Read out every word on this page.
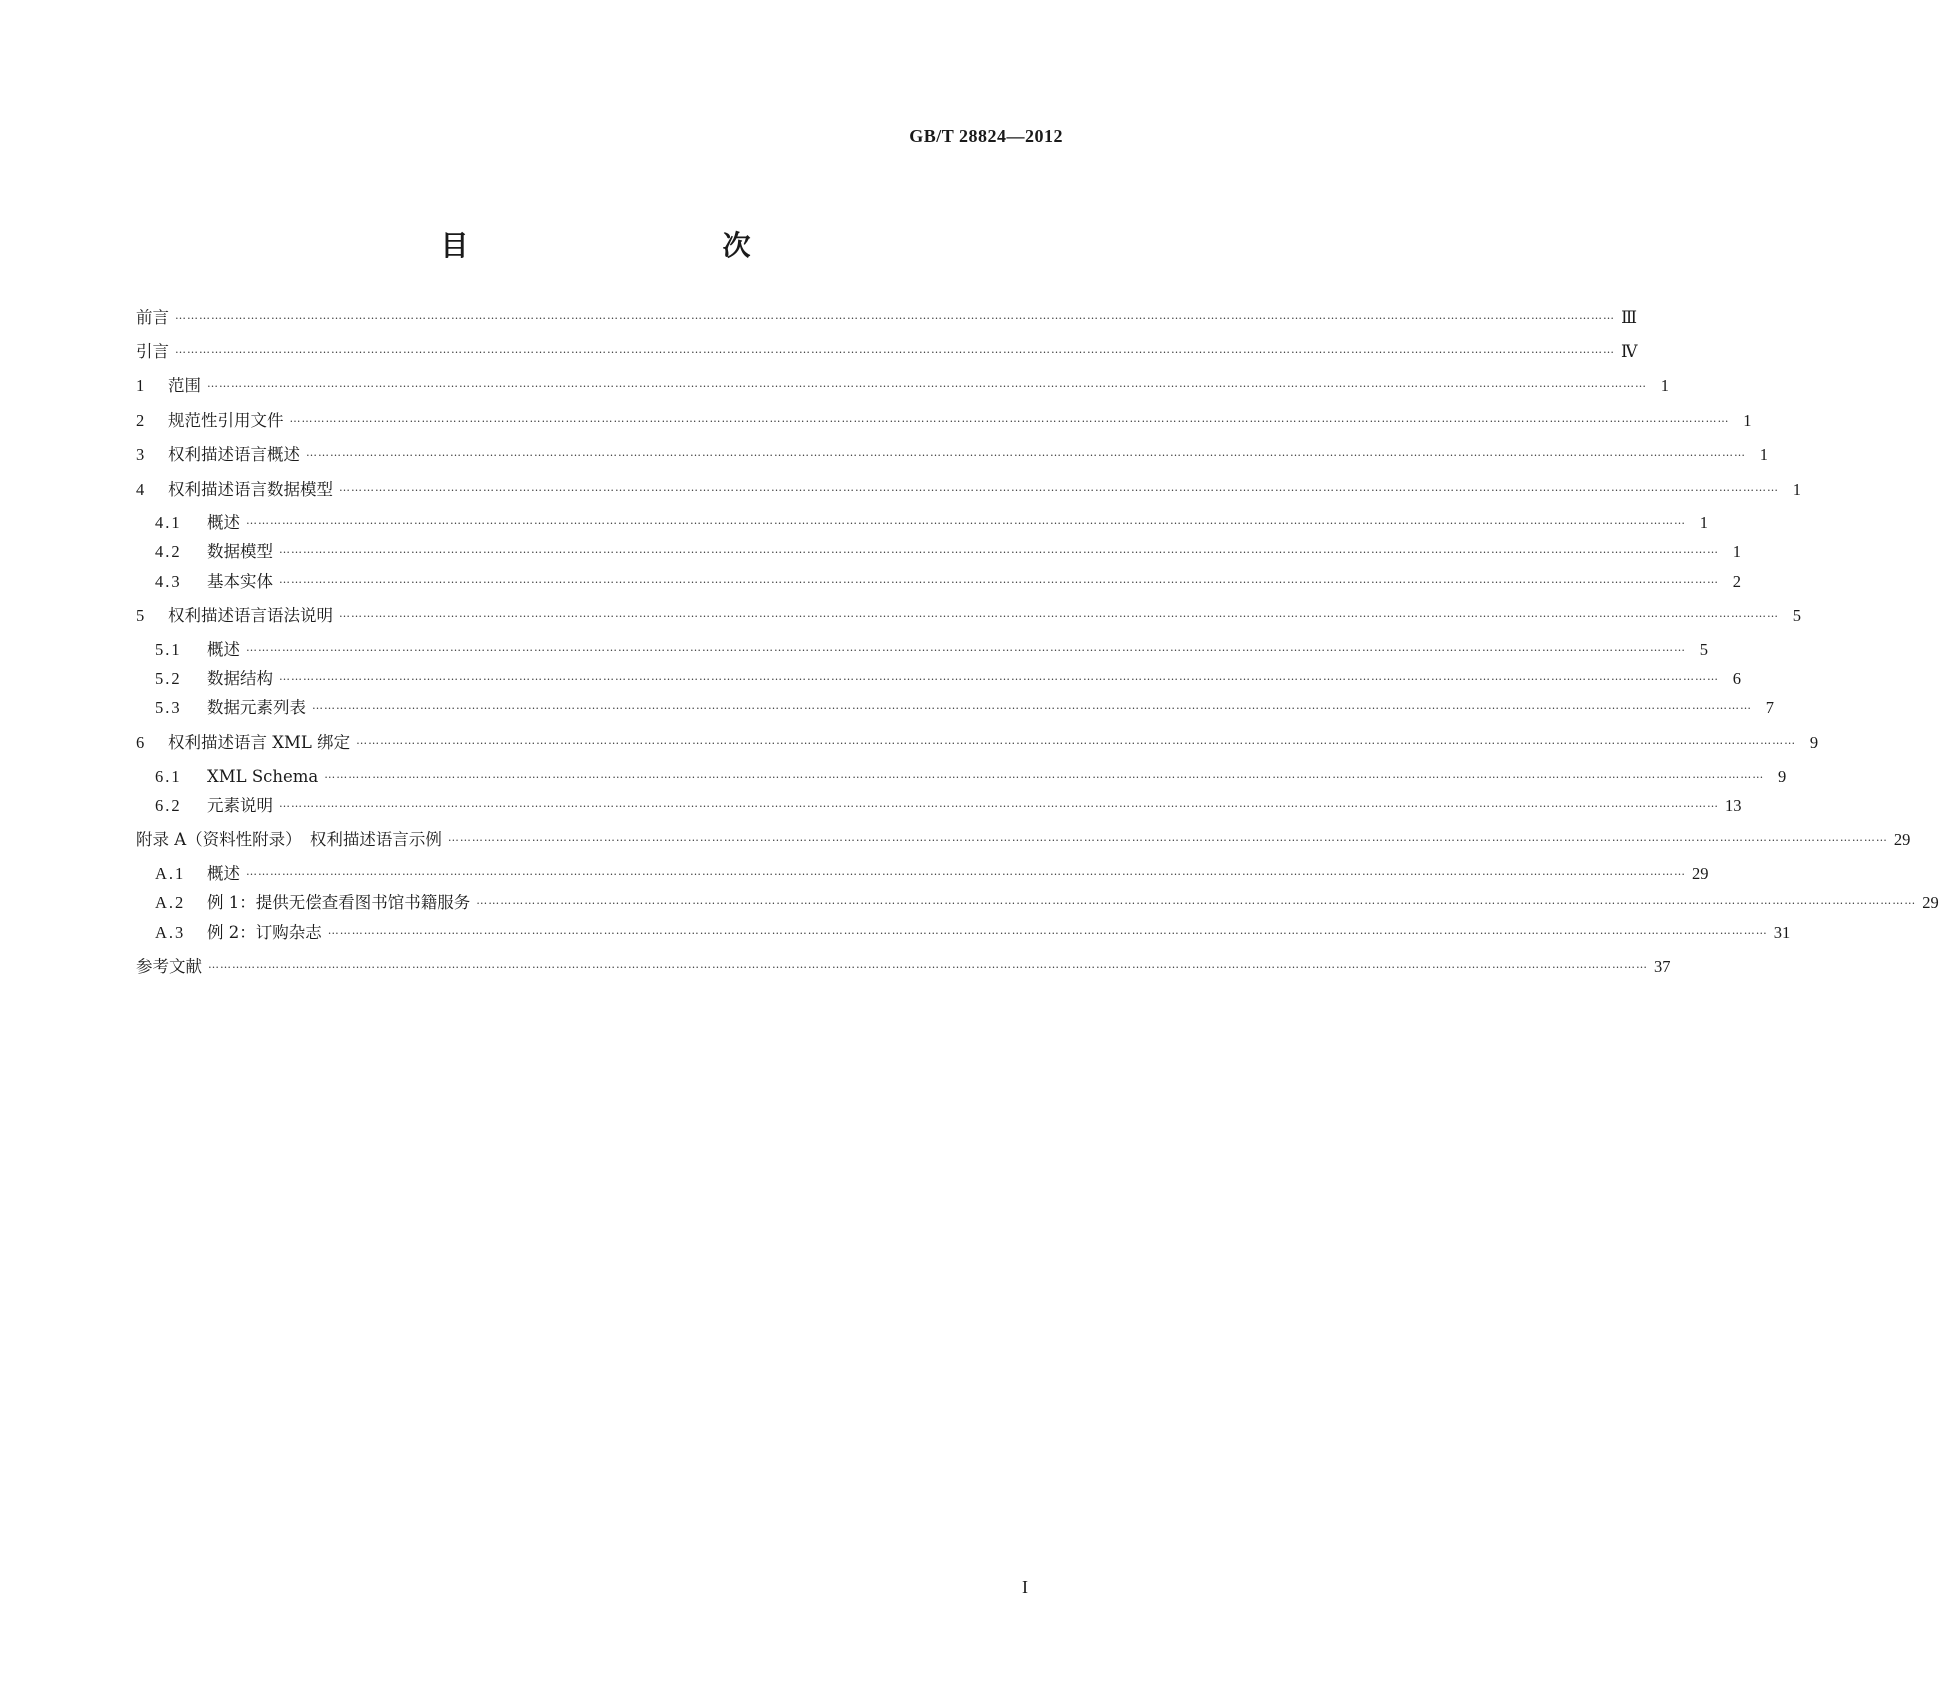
GB/T 28824—2012
目　　次
前言 ……………………………………………………………………………………………………………………………………………………………………………………………………………………………………………………………………………………………………………………………… Ⅲ
引言 ……………………………………………………………………………………………………………………………………………………………………………………………………………………………………………………………………………………………………………………………… Ⅳ
1 范围 ……………………………………………………………………………………………………………………………………………………………………………………………………………………………………………………………………………………………………………………………… 1
2 规范性引用文件 ……………………………………………………………………………………………………………………………………………………………………………………………………………………………………………………………………………………………………………………………… 1
3 权利描述语言概述 ……………………………………………………………………………………………………………………………………………………………………………………………………………………………………………………………………………………………………………………………… 1
4 权利描述语言数据模型 ……………………………………………………………………………………………………………………………………………………………………………………………………………………………………………………………………………………………………………………………… 1
4.1 概述 ……………………………………………………………………………………………………………………………………………………………………………………………………………………………………………………………………………………………………………………………… 1
4.2 数据模型 ……………………………………………………………………………………………………………………………………………………………………………………………………………………………………………………………………………………………………………………………… 1
4.3 基本实体 ……………………………………………………………………………………………………………………………………………………………………………………………………………………………………………………………………………………………………………………………… 2
5 权利描述语言语法说明 ……………………………………………………………………………………………………………………………………………………………………………………………………………………………………………………………………………………………………………………………… 5
5.1 概述 ……………………………………………………………………………………………………………………………………………………………………………………………………………………………………………………………………………………………………………………………… 5
5.2 数据结构 ……………………………………………………………………………………………………………………………………………………………………………………………………………………………………………………………………………………………………………………………… 6
5.3 数据元素列表 ……………………………………………………………………………………………………………………………………………………………………………………………………………………………………………………………………………………………………………………………… 7
6 权利描述语言 XML 绑定 ……………………………………………………………………………………………………………………………………………………………………………………………………………………………………………………………………………………………………………………………… 9
6.1 XML Schema ……………………………………………………………………………………………………………………………………………………………………………………………………………………………………………………………………………………………………………………………… 9
6.2 元素说明 ……………………………………………………………………………………………………………………………………………………………………………………………………………………………………………………………………………………………………………………………… 13
附录 A（资料性附录）　权利描述语言示例 ……………………………………………………………………………………………………………………………………………………………………………………………………………………………………………………………………………………………………………………………… 29
A.1 概述 ……………………………………………………………………………………………………………………………………………………………………………………………………………………………………………………………………………………………………………………………… 29
A.2 例 1：提供无偿查看图书馆书籍服务 ……………………………………………………………………………………………………………………………………………………………………………………………………………………………………………………………………………………………………………………………… 29
A.3 例 2：订购杂志 ……………………………………………………………………………………………………………………………………………………………………………………………………………………………………………………………………………………………………………………………… 31
参考文献 ……………………………………………………………………………………………………………………………………………………………………………………………………………………………………………………………………………………………………………………………… 37
I
